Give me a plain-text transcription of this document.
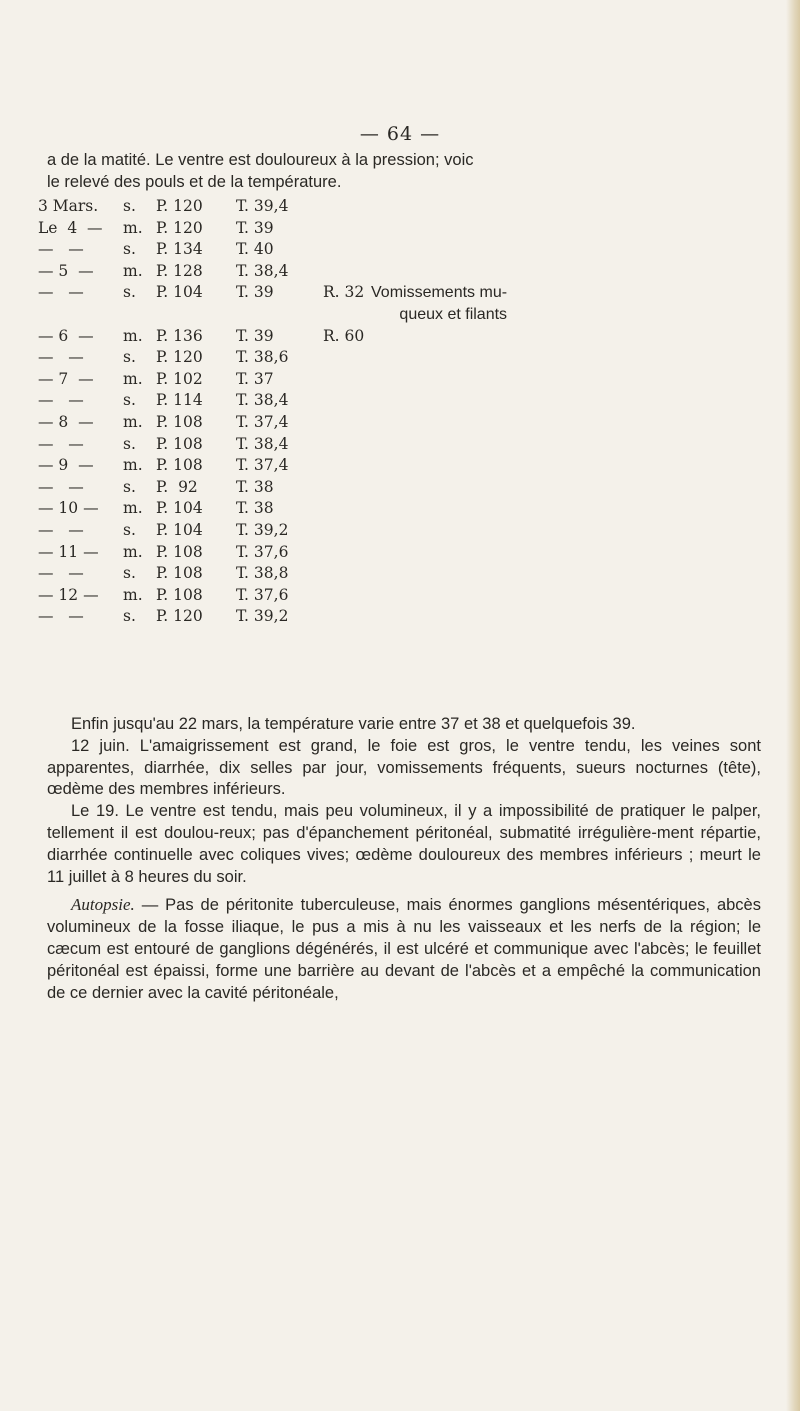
— 64 —

a de la matité. Le ventre est douloureux à la pression; voic

le relevé des pouls et de la température.

3 Mars.	s.	P. 120	T. 39,4		
Le  4  —	m.	P. 120	T. 39		
—   —	s.	P. 134	T. 40		
— 5  —	m.	P. 128	T. 38,4		
—   —	s.	P. 104	T. 39	R. 32	Vomissements mu-
queux et filants					
— 6  —	m.	P. 136	T. 39	R. 60	
—   —	s.	P. 120	T. 38,6		
— 7  —	m.	P. 102	T. 37		
—   —	s.	P. 114	T. 38,4		
— 8  —	m.	P. 108	T. 37,4		
—   —	s.	P. 108	T. 38,4		
— 9  —	m.	P. 108	T. 37,4		
—   —	s.	P.  92	T. 38		
— 10 —	m.	P. 104	T. 38		
—   —	s.	P. 104	T. 39,2		
— 11 —	m.	P. 108	T. 37,6		
—   —	s.	P. 108	T. 38,8		
— 12 —	m.	P. 108	T. 37,6		
—   —	s.	P. 120	T. 39,2		

Enfin jusqu'au 22 mars, la température varie entre 37 et 38 et quelquefois 39.

12 juin. L'amaigrissement est grand, le foie est gros, le ventre tendu, les veines sont apparentes, diarrhée, dix selles par jour, vomissements fréquents, sueurs nocturnes (tête), œdème des membres inférieurs.

Le 19. Le ventre est tendu, mais peu volumineux, il y a impossibilité de pratiquer le palper, tellement il est doulou-reux; pas d'épanchement péritonéal, submatité irrégulière-ment répartie, diarrhée continuelle avec coliques vives; œdème douloureux des membres inférieurs ; meurt le 11 juillet à 8 heures du soir.

Autopsie. — Pas de péritonite tuberculeuse, mais énormes ganglions mésentériques, abcès volumineux de la fosse iliaque, le pus a mis à nu les vaisseaux et les nerfs de la région; le cæcum est entouré de ganglions dégénérés, il est ulcéré et communique avec l'abcès; le feuillet péritonéal est épaissi, forme une barrière au devant de l'abcès et a empêché la communication de ce dernier avec la cavité péritonéale,
